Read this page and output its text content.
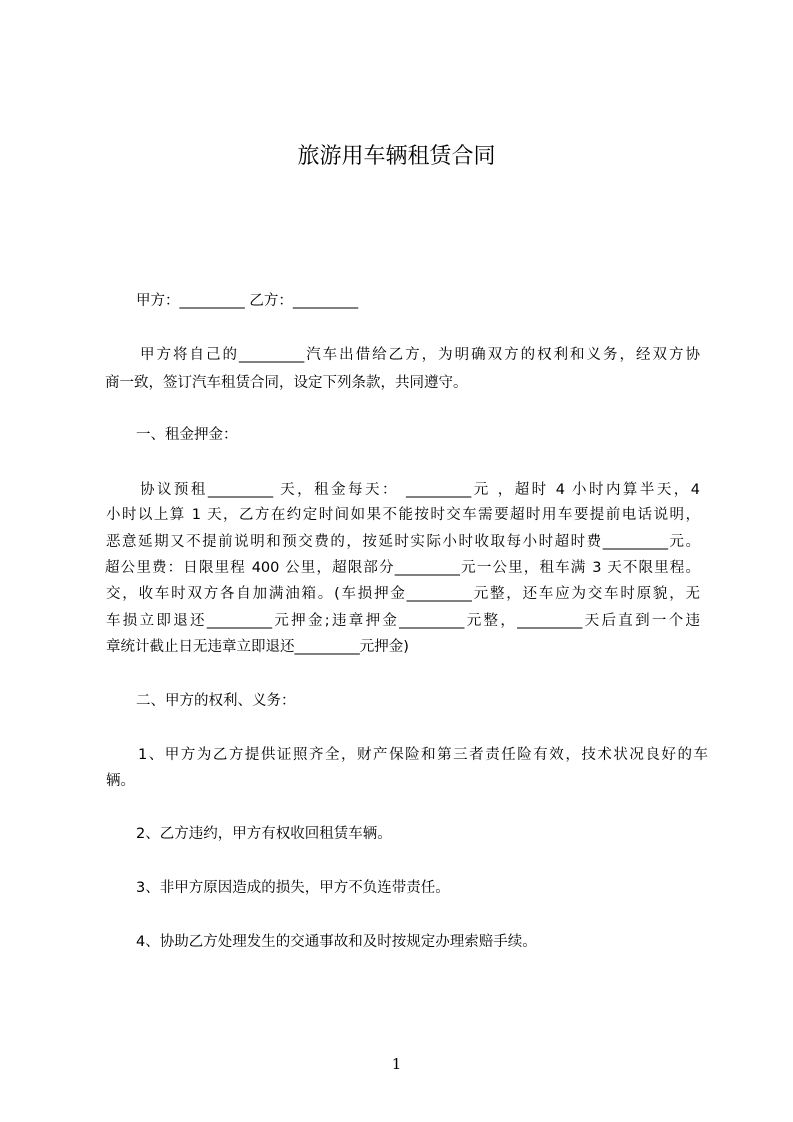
旅游用车辆租赁合同
甲方：_________ 乙方：_________
甲方将自己的_________汽车出借给乙方，为明确双方的权利和义务，经双方协
商一致，签订汽车租赁合同，设定下列条款，共同遵守。
一、租金押金：
协议预租_________ 天，租金每天： _________元 ，超时 4 小时内算半天，4
小时以上算 1 天，乙方在约定时间如果不能按时交车需要超时用车要提前电话说明，
恶意延期又不提前说明和预交费的，按延时实际小时收取每小时超时费_________元。
超公里费：日限里程 400 公里，超限部分_________元一公里，租车满 3 天不限里程。
交，收车时双方各自加满油箱。(车损押金_________元整，还车应为交车时原貌，无
车损立即退还_________元押金;违章押金_________元整，_________天后直到一个违
章统计截止日无违章立即退还_________元押金)
二、甲方的权利、义务：
1、甲方为乙方提供证照齐全，财产保险和第三者责任险有效，技术状况良好的车
辆。
2、乙方违约，甲方有权收回租赁车辆。
3、非甲方原因造成的损失，甲方不负连带责任。
4、协助乙方处理发生的交通事故和及时按规定办理索赔手续。
1
